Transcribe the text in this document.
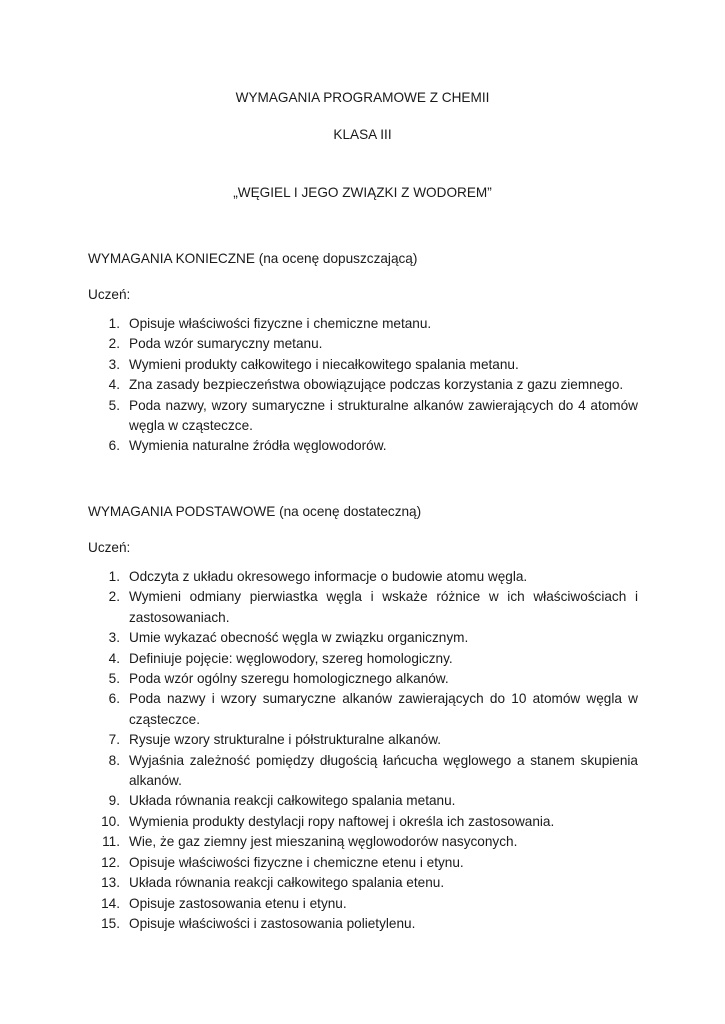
WYMAGANIA PROGRAMOWE Z CHEMII
KLASA III
„WĘGIEL I JEGO ZWIĄZKI Z WODOREM”
WYMAGANIA KONIECZNE (na ocenę dopuszczającą)

Uczeń:

1. Opisuje właściwości fizyczne i chemiczne metanu.
2. Poda wzór sumaryczny metanu.
3. Wymieni produkty całkowitego i niecałkowitego spalania metanu.
4. Zna zasady bezpieczeństwa obowiązujące podczas korzystania z gazu ziemnego.
5. Poda nazwy, wzory sumaryczne i strukturalne alkanów zawierających do 4 atomów węgla w cząsteczce.
6. Wymienia naturalne źródła węglowodorów.
WYMAGANIA PODSTAWOWE (na ocenę dostateczną)

Uczeń:

1. Odczyta z układu okresowego informacje o budowie atomu węgla.
2. Wymieni odmiany pierwiastka węgla i wskaże różnice w ich właściwościach i zastosowaniach.
3. Umie wykazać obecność węgla w związku organicznym.
4. Definiuje pojęcie: węglowodory, szereg homologiczny.
5. Poda wzór ogólny szeregu homologicznego alkanów.
6. Poda nazwy i wzory sumaryczne alkanów zawierających do 10 atomów węgla w cząsteczce.
7. Rysuje wzory strukturalne i półstrukturalne alkanów.
8. Wyjaśnia zależność pomiędzy długością łańcucha węglowego a stanem skupienia alkanów.
9. Układa równania reakcji całkowitego spalania metanu.
10. Wymienia produkty destylacji ropy naftowej i określa ich zastosowania.
11. Wie, że gaz ziemny jest mieszaniną węglowodorów nasyconych.
12. Opisuje właściwości fizyczne i chemiczne etenu i etynu.
13. Układa równania reakcji całkowitego spalania etenu.
14. Opisuje zastosowania etenu i etynu.
15. Opisuje właściwości i zastosowania polietylenu.
